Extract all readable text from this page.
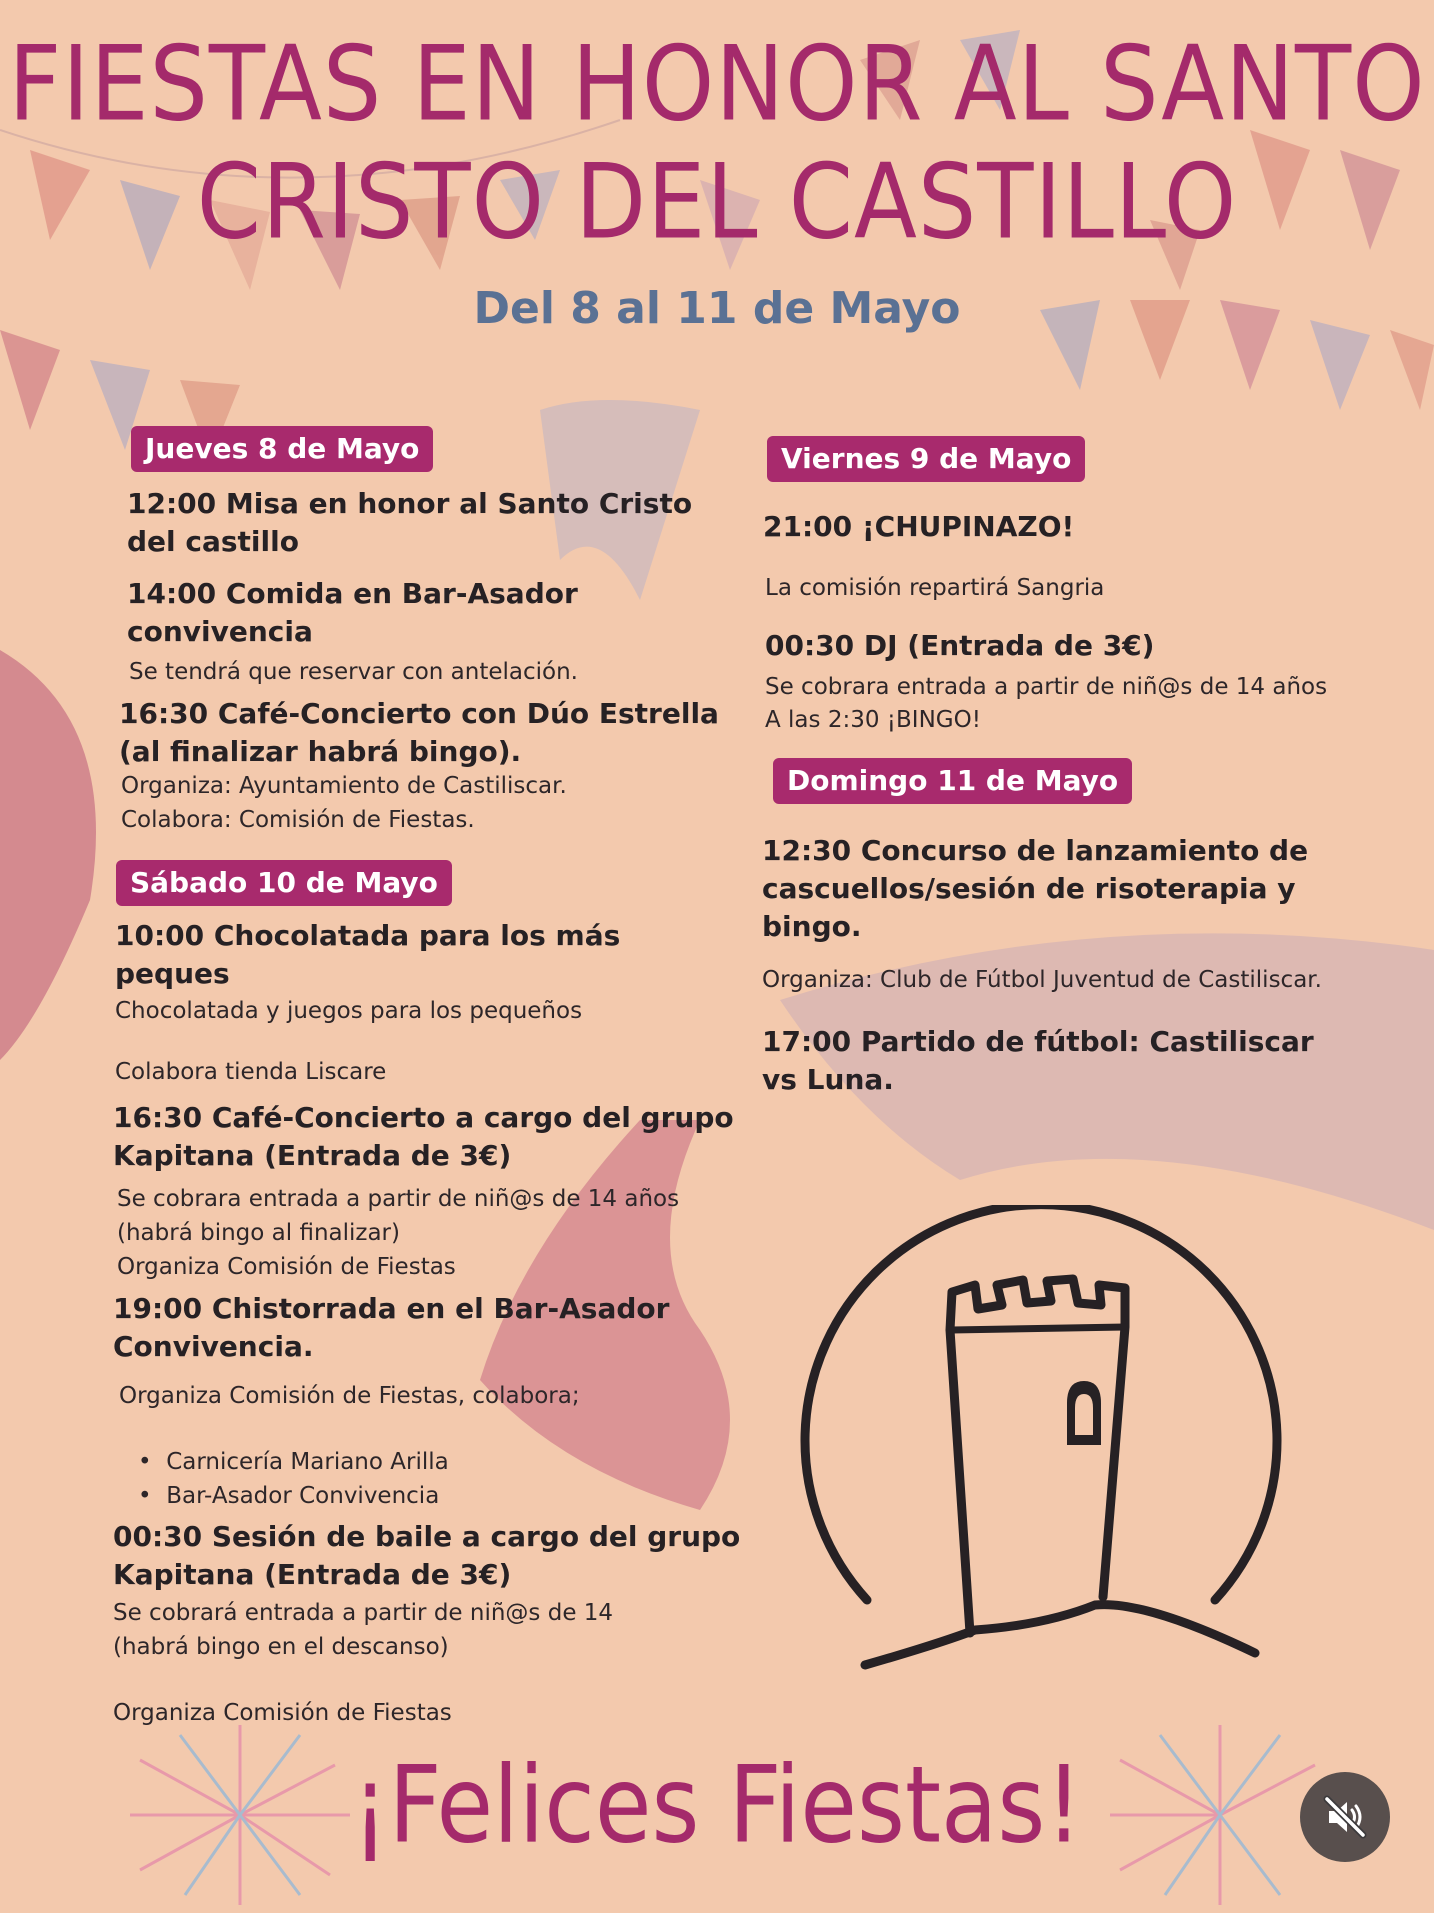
FIESTAS EN HONOR AL SANTO
CRISTO DEL CASTILLO
Del 8 al 11 de Mayo
Jueves 8 de Mayo
12:00 Misa en honor al Santo Cristo
del castillo
14:00 Comida en Bar-Asador
convivencia
Se tendrá que reservar con antelación.
16:30 Café-Concierto con Dúo Estrella
(al finalizar habrá bingo).
Organiza: Ayuntamiento de Castiliscar.
Colabora: Comisión de Fiestas.
Sábado 10 de Mayo
10:00 Chocolatada para los más
peques
Chocolatada y juegos para los pequeños
Colabora tienda Liscare
16:30 Café-Concierto a cargo del grupo
Kapitana (Entrada de 3€)
Se cobrara entrada a partir de niñ@s de 14 años
(habrá bingo al finalizar)
Organiza Comisión de Fiestas
19:00 Chistorrada en el Bar-Asador
Convivencia.
Organiza Comisión de Fiestas, colabora;
•  Carnicería Mariano Arilla
•  Bar-Asador Convivencia
00:30 Sesión de baile a cargo del grupo
Kapitana (Entrada de 3€)
Se cobrará entrada a partir de niñ@s de 14
(habrá bingo en el descanso)
Organiza Comisión de Fiestas
Viernes 9 de Mayo
21:00 ¡CHUPINAZO!
La comisión repartirá Sangria
00:30 DJ (Entrada de 3€)
Se cobrara entrada a partir de niñ@s de 14 años
A las 2:30 ¡BINGO!
Domingo 11 de Mayo
12:30 Concurso de lanzamiento de
cascuellos/sesión de risoterapia y
bingo.
Organiza: Club de Fútbol Juventud de Castiliscar.
17:00 Partido de fútbol: Castiliscar
vs Luna.
¡Felices Fiestas!
